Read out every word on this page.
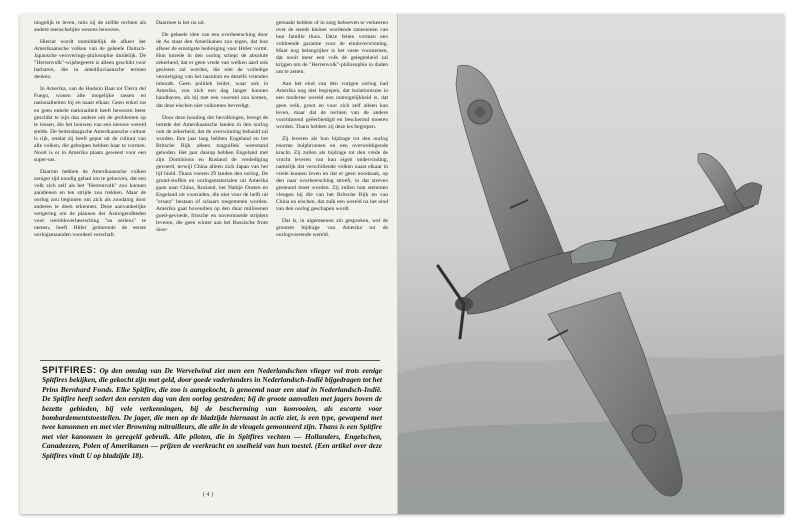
mogelijk te leven, mits zij de zelfde rechten als andere menschelijke wezens bewezen.

Hieruit wordt onmiddellijk de afkeer der Amerikaansche volken van de geheele Duitsch-Japansche veroverings-philosophie duidelijk. De "Herrenvolk"-wijsbegeerte is alleen geschikt voor barbaren, die in antediluviaansche termen denken.

In Amerika, van de Hudson Baai tot Tierra del Fuego, wonen alle mogelijke rassen en nationaliteiten bij en naast elkaar. Geen enkel ras en geen enkele nationaliteit heeft bewezen beter geschikt te zijn dan andere om de problemen op te lossen, die het bouwen van een nieuwe wereld stelde. De hedendaagsche Amerikaansche cultuur is rijk, omdat zij heeft geput uit de cultuur van alle volken, die geholpen hebben haar te vormen. Nooit is er in Amerika plaats geweest voor een super-ras.

Daarom hebben de Amerikaansche volken zeniger tijd noodig gehad om te gelooven, dat een volk zich zelf als het "Herrenvolk" zou kunnen aandienen en ten strijde zou trekken. Maar de oorlog zou beginnen om zich als zoodanig door anderen te doen erkennen. Deze aanvankelijke weigering om de plannen der Asmogendheden voor wereldoverheersching "au sérieux" te nemen, heeft Hitler gedurende de eerste oorlogsmaanden voordeel verschaft.

Daarmee is het nu uit.

De geheele idee van een overheersching door de As staat den Amerikanen zoo tegen, dat hun afkeer de ernstigste bedreiging voor Hitler vormt. Hun intrede in den oorlog schept de absolute zekerheid, dat er geen vrede van welken aard ook gesloten zal worden, die niet de volledige vernietiging van het nazidom en dezelfs vrienden inhoudt. Geen politiek leider, waar ook in Amerika, zou zich een dag langer kunnen handhaven, als hij met een voorstel zou komen, dat deze eischen niet volkomen bevredigt.

Door deze houding der bevolkingen, brengt de intrede der Amerikaansche landen in den oorlog ook de zekerheid, dat de overwinning behaald zal worden. Een jaar lang hebben Engeland en het Britsche Rijk alleen magnifiek weerstand geboden. Het jaar daarop hebben Engeland met zijn Dominions en Rusland de verdediging gevoerd, terwijl China alleen zich Japan van het lijf hield. Thans voeren 29 landen den oorlog. De grond-stoffen en oorlogsmaterialen uit Amerika gaan naar China, Rusland, het Nabije Oosten en Engeland uit voorraden, die niet voor de helft uit "ersatz" bestaan of schaars toegemeten worden. Amerika gaat bovendien op den duur millioenen goed-gevoede, frissche en onvermoeide strijders leveren, die geen winter aan het Russische front door-

gemaakt hebben of in zorg behoeven te verkeeren over de steeds kleiner wordende rantsoenen van hun familie thuis. Deze feiten vormen een voldoende garantie voor de eindoverwinning. Maar nog belangrijker is het vaste voornemen, dat nooit meer een volk de gelegenheid zal krijgen om de "Herrenvolk"-philosophie in daden om te zetten.

Aan het eind van den vorigen oorlog had Amerika nog niet begrepen, dat isolationisme in een moderne wereld een onmogelijkheid is, dat geen volk, groot en voor zich zelf alleen kan leven, maar dat de rechten van de andere voortdurend geëerbiedigd en beschermd moeten worden. Thans hebben zij deze les begrepen.

Zij leveren als hun bijdrage tot den oorlog enorme hulpbronnen en een overweldigende kracht. Zij zullen als bijdrage tot den vrede de vrucht leveren van hun eigen ondervinding, namelijk dat verschillende volken naast elkaar in vrede kunnen leven en dat er geen noodzaak, op den naar overheersching streeft, in dat streven gesteund moet worden. Zij zullen hun stemmen vleugen bij die van het Britsche Rijk en van China en eischen, dat zulk een wereld na het eind van den oorlog geschapen wordt.

Dat is, in algemeenen zin gesproken, wel de grootste bijdrage van Amerika tot de oorlogvoerende wereld.

SPITFIRES: Op den omslag van De Wervelwind ziet men een Nederlandschen vlieger vol trots eenige Spitfires bekijken, die gekocht zijn met geld, door goede vaderlanders in Nederlandsch-Indië bijgedragen tot het Prins Bernhard Fonds. Elke Spitfire, die zoo is aangekocht, is genoemd naar een stad in Nederlandsch-Indië. De Spitfire heeft sedert den eersten dag van den oorlog gestreden; bij de groote aanvallen met jagers boven de bezette gebieden, bij vele verkenningen, bij de bescherming van konvooien, als escorte voor bombardementstoestellen. De jager, die men op de bladzijde hiernaast in actie ziet, is een type, gewapend met twee kanonnen en met vier Browning mitrailleurs, die alle in de vleugels gemonteerd zijn. Thans is een Spitfire met vier kanonnen in geregeld gebruik. Alle piloten, die in Spitfires vechten — Hollanders, Engelschen, Canadeezen, Polen of Amerikanen — prijzen de veerkracht en snelheid van hun toestel. (Een artikel over deze Spitfires vindt U op bladzijde 18).
( 4 )
